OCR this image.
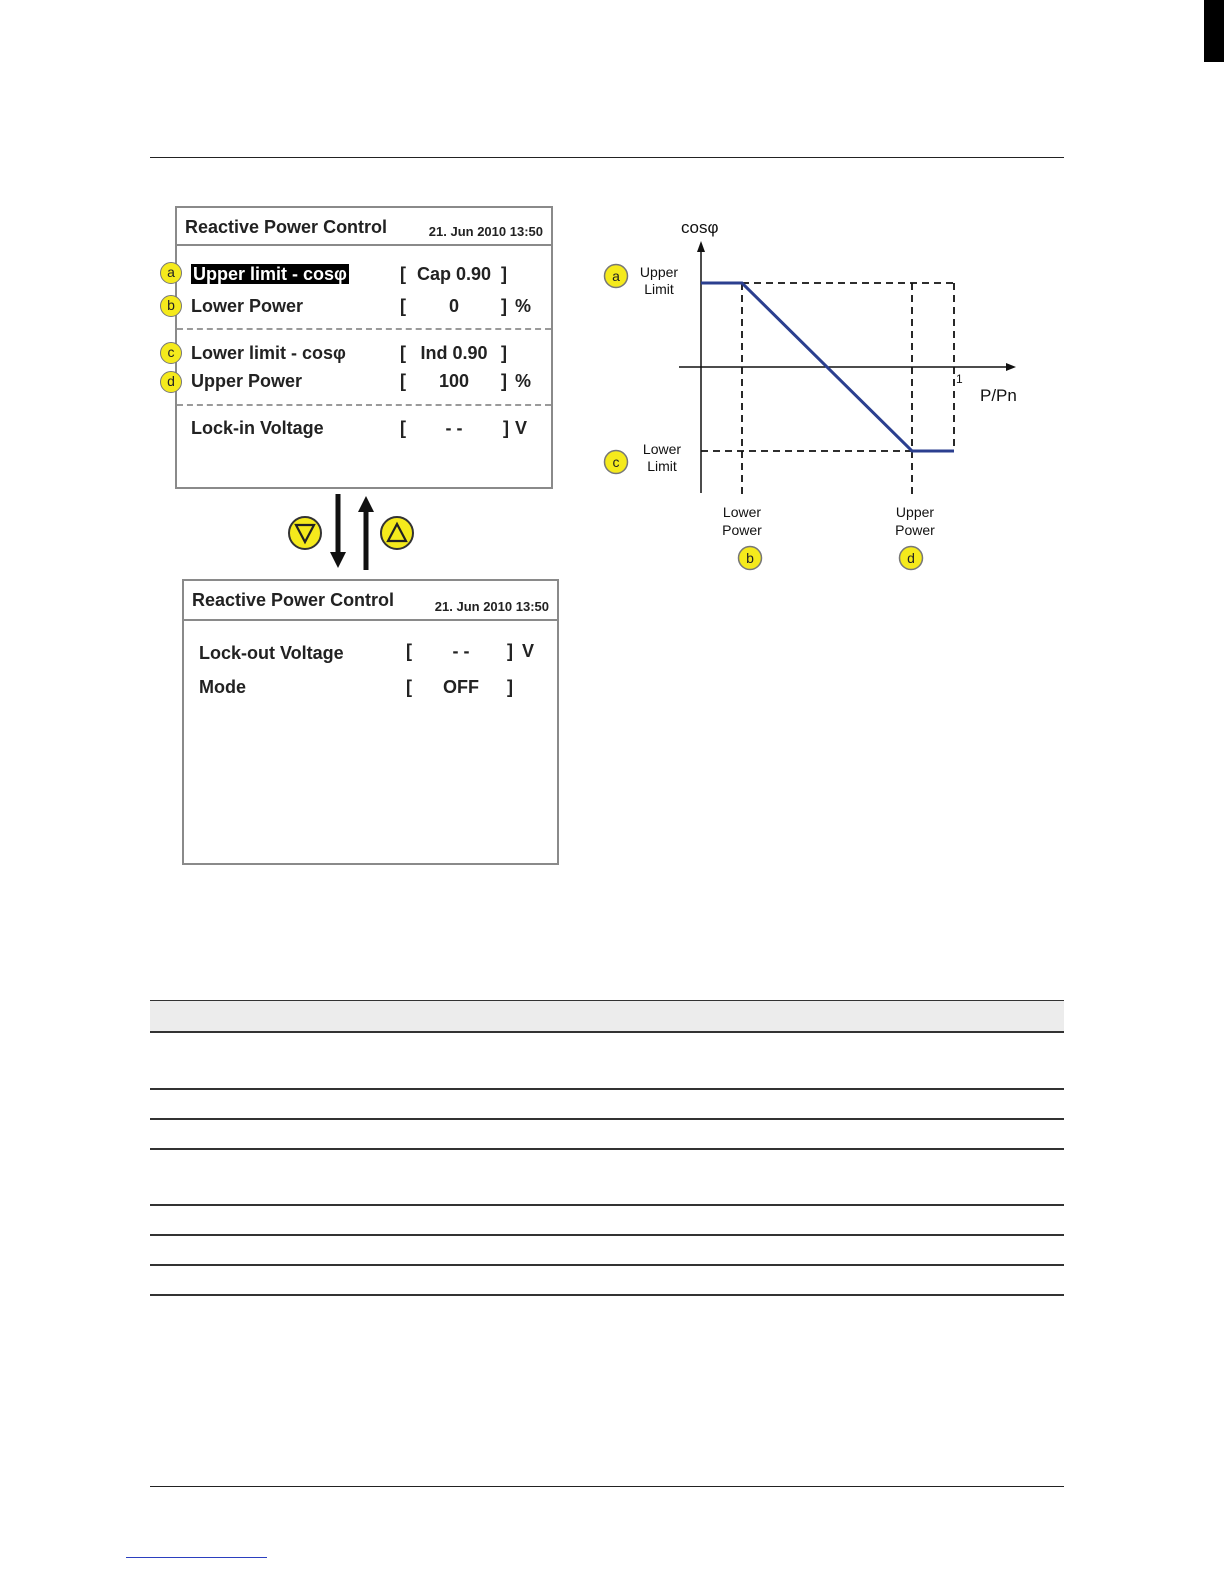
Reactive Power Control	21. Jun 2010 13:50
Upper limit - cosφ	[ Cap 0.90 ]
Lower Power	[	0	] %
Lower limit - cosφ	[ Ind 0.90 ]
Upper Power	[	100	] %
Lock-in Voltage	[	- -	] V
a
b
c
d
Reactive Power Control	21. Jun 2010 13:50
Lock-out Voltage	[	- -	] V
Mode	[	OFF	]
cosφ
P/Pn
1
Upper Limit
Lower Limit
Lower Power
Upper Power
a
c
b	d
